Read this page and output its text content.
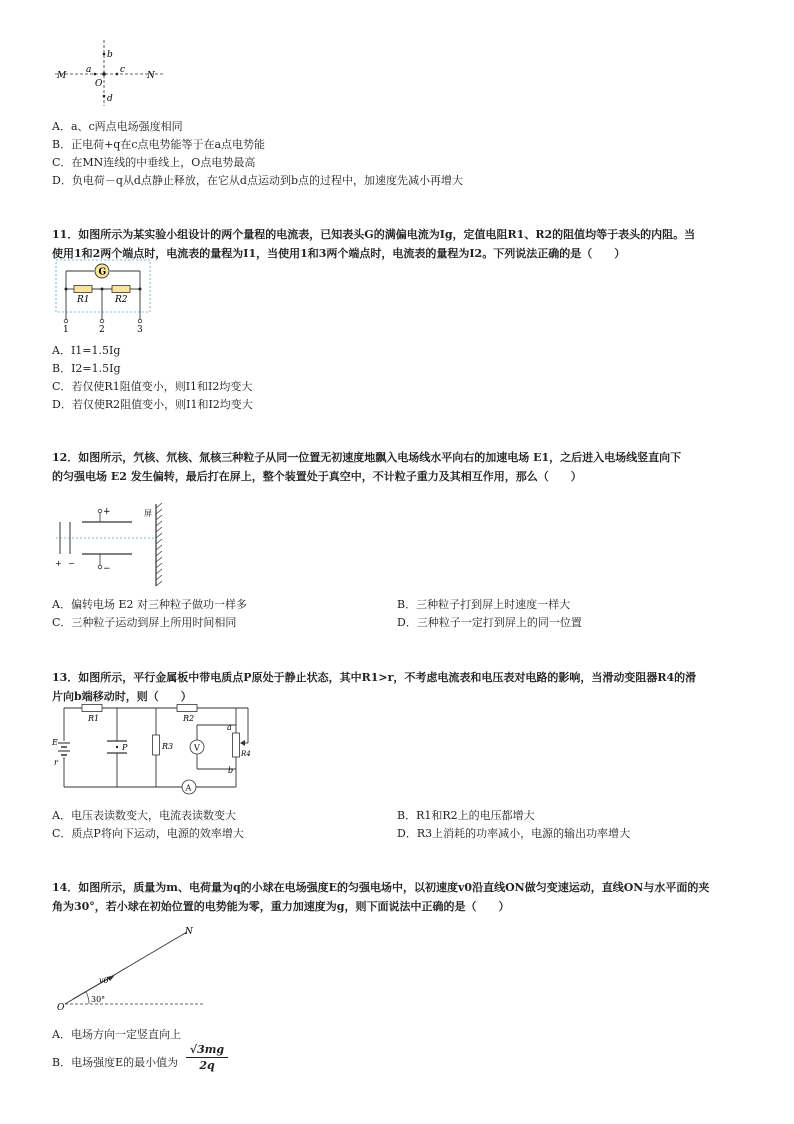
M	N
a	c
b
d
O
A．a、c两点电场强度相同
B．正电荷+q在c点电势能等于在a点电势能
C．在MN连线的中垂线上，O点电势最高
D．负电荷－q从d点静止释放，在它从d点运动到b点的过程中，加速度先减小再增大
11．如图所示为某实验小组设计的两个量程的电流表，已知表头G的满偏电流为Ig，定值电阻R1、R2的阻值均等于表头的内阻。当
使用1和2两个端点时，电流表的量程为I1，当使用1和3两个端点时，电流表的量程为I2。下列说法正确的是（　　）
G
R1	R2
1	2	3
A．I1=1.5Ig
B．I2=1.5Ig
C．若仅使R1阻值变小，则I1和I2均变大
D．若仅使R2阻值变小，则I1和I2均变大
12．如图所示，氕核、氘核、氚核三种粒子从同一位置无初速度地飘入电场线水平向右的加速电场 E1，之后进入电场线竖直向下
的匀强电场 E2 发生偏转，最后打在屏上，整个装置处于真空中，不计粒子重力及其相互作用，那么（　　）
+
−
+ −
屏
A．偏转电场 E2 对三种粒子做功一样多	B．三种粒子打到屏上时速度一样大
C．三种粒子运动到屏上所用时间相同	D．三种粒子一定打到屏上的同一位置
13．如图所示，平行金属板中带电质点P原处于静止状态，其中R1>r，不考虑电流表和电压表对电路的影响，当滑动变阻器R4的滑
片向b端移动时，则（　　）
R1	R2
E
r
A
P	R3	V
a
b
R4
A．电压表读数变大，电流表读数变大	B．R1和R2上的电压都增大
C．质点P将向下运动，电源的效率增大	D．R3上消耗的功率减小，电源的输出功率增大
14．如图所示，质量为m、电荷量为q的小球在电场强度E的匀强电场中，以初速度v0沿直线ON做匀变速运动，直线ON与水平面的夹
角为30°，若小球在初始位置的电势能为零，重力加速度为g，则下面说法中正确的是（　　）
O
N
v0
30°
A．电场方向一定竖直向上
B．电场强度E的最小值为 $\frac{√3mg}{2q}$
